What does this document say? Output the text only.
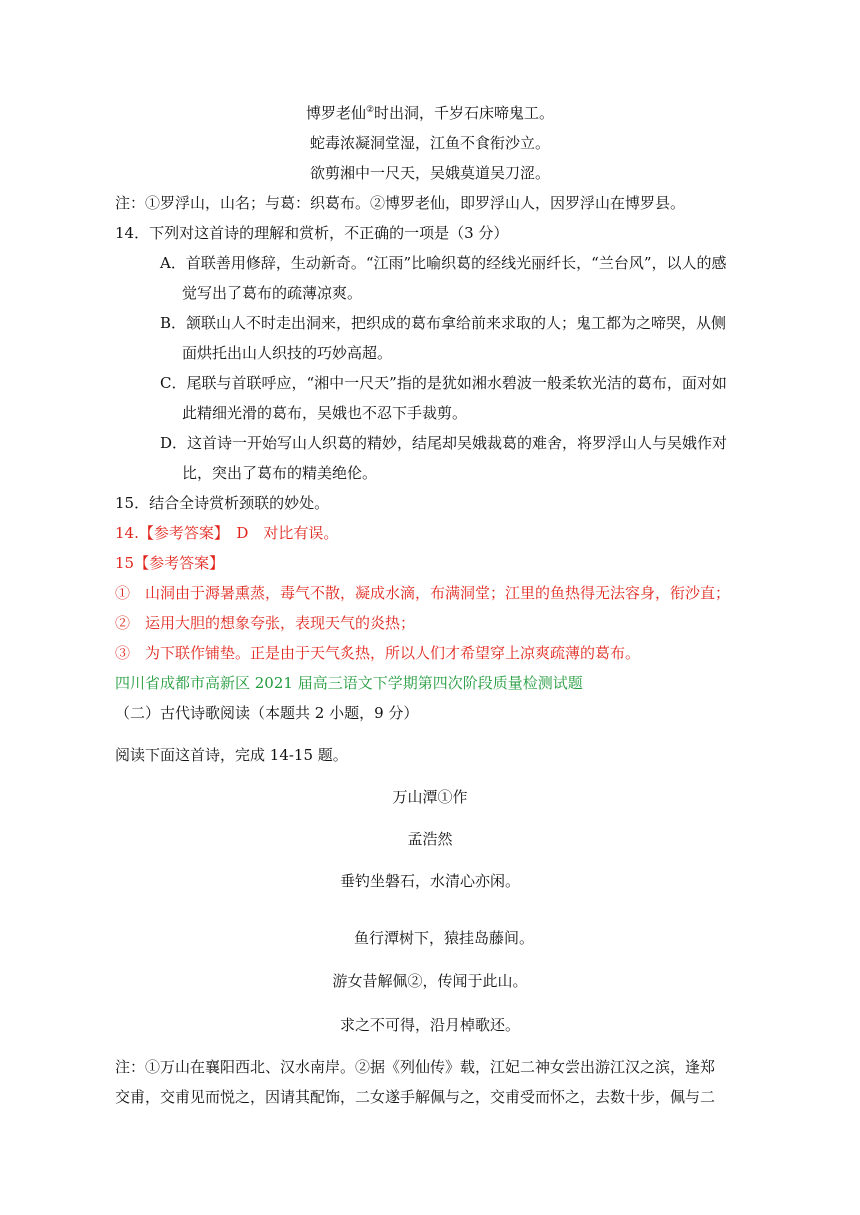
博罗老仙②时出洞，千岁石床啼鬼工。
蛇毒浓凝洞堂湿，江鱼不食衔沙立。
欲剪湘中一尺天，吴娥莫道吴刀涩。
注：①罗浮山，山名；与葛：织葛布。②博罗老仙，即罗浮山人，因罗浮山在博罗县。
14．下列对这首诗的理解和赏析，不正确的一项是（3 分）
A．首联善用修辞，生动新奇。“江雨”比喻织葛的经线光丽纤长，“兰台风”，以人的感
觉写出了葛布的疏薄凉爽。
B．颔联山人不时走出洞来，把织成的葛布拿给前来求取的人；鬼工都为之啼哭，从侧
面烘托出山人织技的巧妙高超。
C．尾联与首联呼应，“湘中一尺天”指的是犹如湘水碧波一般柔软光洁的葛布，面对如
此精细光滑的葛布，吴娥也不忍下手裁剪。
D．这首诗一开始写山人织葛的精妙，结尾却吴娥裁葛的难舍，将罗浮山人与吴娥作对
比，突出了葛布的精美绝伦。
15．结合全诗赏析颈联的妙处。
14.【参考答案】　D　对比有误。
15【参考答案】
①　山洞由于溽暑熏蒸，毒气不散，凝成水滴，布满洞堂；江里的鱼热得无法容身，衔沙直；
②　运用大胆的想象夸张，表现天气的炎热；
③　为下联作铺垫。正是由于天气炙热，所以人们才希望穿上凉爽疏薄的葛布。
四川省成都市高新区 2021 届高三语文下学期第四次阶段质量检测试题
（二）古代诗歌阅读（本题共 2 小题，9 分）
阅读下面这首诗，完成 14-15 题。
万山潭①作
孟浩然
垂钓坐磐石，水清心亦闲。
鱼行潭树下，猿挂岛藤间。
游女昔解佩②，传闻于此山。
求之不可得，沿月棹歌还。
注：①万山在襄阳西北、汉水南岸。②据《列仙传》载，江妃二神女尝出游江汉之滨，逢郑
交甫，交甫见而悦之，因请其配饰，二女遂手解佩与之，交甫受而怀之，去数十步，佩与二
